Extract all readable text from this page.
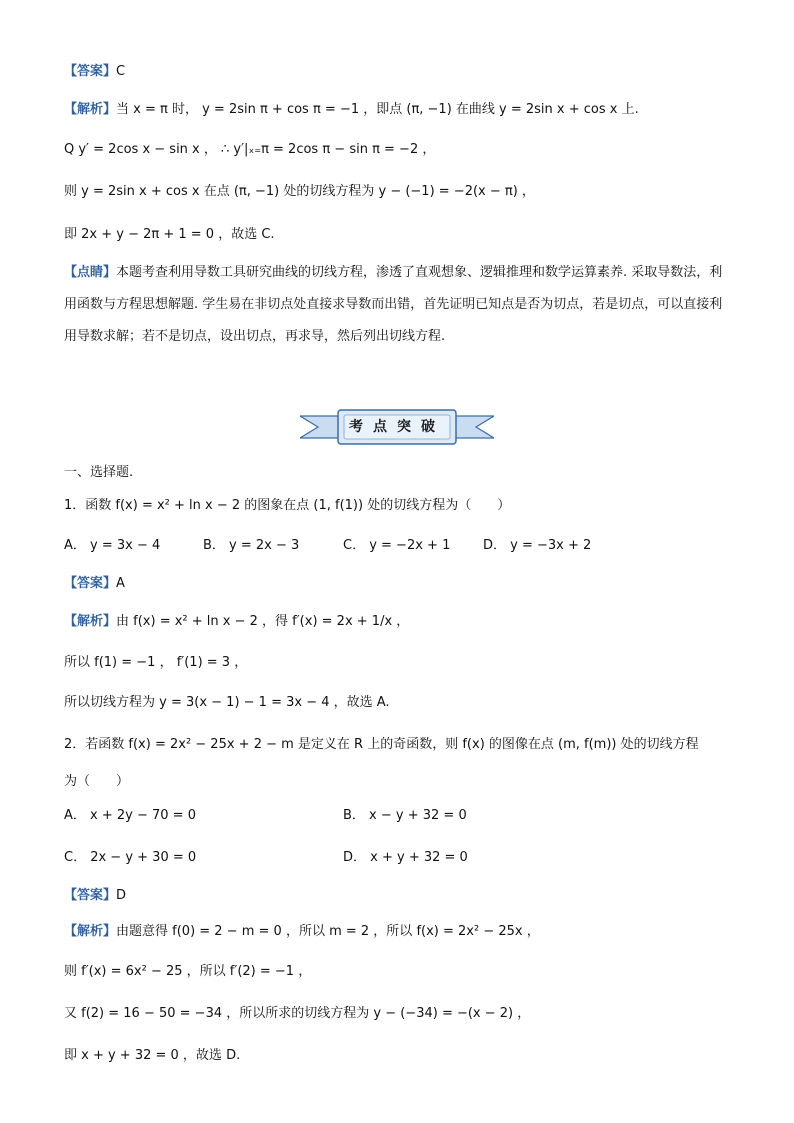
【答案】C
【解析】当 x = π 时， y = 2sin π + cos π = −1 ，即点 (π, −1) 在曲线 y = 2sin x + cos x 上.
Q y′ = 2cos x − sin x ， ∴ y′|ₓ₌π = 2cos π − sin π = −2 ，
则 y = 2sin x + cos x 在点 (π, −1) 处的切线方程为 y − (−1) = −2(x − π) ，
即 2x + y − 2π + 1 = 0 ，故选 C.
【点睛】本题考查利用导数工具研究曲线的切线方程，渗透了直观想象、逻辑推理和数学运算素养. 采取导数法，利用函数与方程思想解题. 学生易在非切点处直接求导数而出错，首先证明已知点是否为切点，若是切点，可以直接利用导数求解；若不是切点，设出切点，再求导，然后列出切线方程.
考点突破
一、选择题.
1．函数 f(x) = x² + ln x − 2 的图象在点 (1, f(1)) 处的切线方程为（　　）
A． y = 3x − 4	B． y = 2x − 3	C． y = −2x + 1	D． y = −3x + 2
【答案】A
【解析】由 f(x) = x² + ln x − 2 ，得 f′(x) = 2x + 1/x ，
所以 f(1) = −1 ， f′(1) = 3 ，
所以切线方程为 y = 3(x − 1) − 1 = 3x − 4 ，故选 A.
2．若函数 f(x) = 2x² − 25x + 2 − m 是定义在 R 上的奇函数，则 f(x) 的图像在点 (m, f(m)) 处的切线方程
为（　　）
A． x + 2y − 70 = 0	B． x − y + 32 = 0
C． 2x − y + 30 = 0	D． x + y + 32 = 0
【答案】D
【解析】由题意得 f(0) = 2 − m = 0 ，所以 m = 2 ，所以 f(x) = 2x² − 25x ，
则 f′(x) = 6x² − 25 ，所以 f′(2) = −1 ，
又 f(2) = 16 − 50 = −34 ，所以所求的切线方程为 y − (−34) = −(x − 2) ，
即 x + y + 32 = 0 ，故选 D.
